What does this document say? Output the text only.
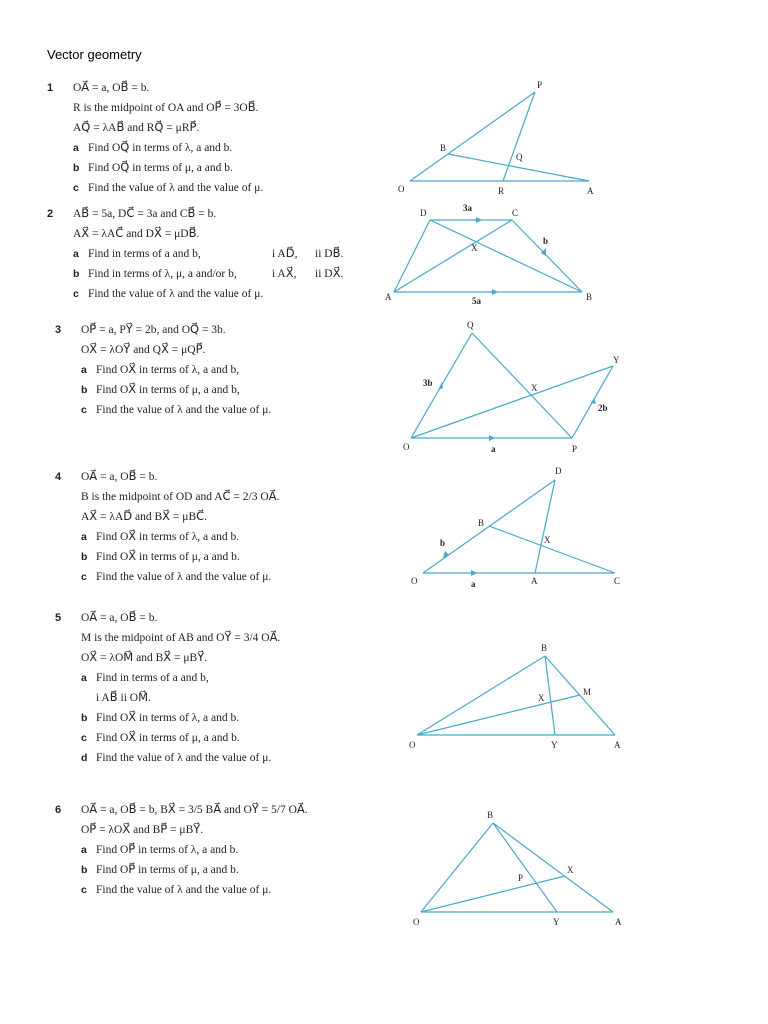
Vector geometry
1 OA⃗ = a, OB⃗ = b.
R is the midpoint of OA and OP⃗ = 3OB⃗.
AQ⃗ = λAB⃗ and RQ⃗ = μRP⃗.
a Find OQ⃗ in terms of λ, a and b.
b Find OQ⃗ in terms of μ, a and b.
c Find the value of λ and the value of μ.
P
B
Q
O	R	A
2 AB⃗ = 5a, DC⃗ = 3a and CB⃗ = b.
AX⃗ = λAC⃗ and DX⃗ = μDB⃗.
a Find in terms of a and b,	i AD⃗, ii DB⃗.
b Find in terms of λ, μ, a and/or b,	i AX⃗, ii DX⃗.
c Find the value of λ and the value of μ.
D	C
X
A	B
3a
b
5a
3 OP⃗ = a, PY⃗ = 2b, and OQ⃗ = 3b.
OX⃗ = λOY⃗ and QX⃗ = μQP⃗.
a Find OX⃗ in terms of λ, a and b,
b Find OX⃗ in terms of μ, a and b,
c Find the value of λ and the value of μ.
Q
Y
X
O	P
3b
2b
a
4 OA⃗ = a, OB⃗ = b.
B is the midpoint of OD and AC⃗ = 2/3 OA⃗.
AX⃗ = λAD⃗ and BX⃗ = μBC⃗.
a Find OX⃗ in terms of λ, a and b.
b Find OX⃗ in terms of μ, a and b.
c Find the value of λ and the value of μ.
D
B
X
O	A	C
b
a
5 OA⃗ = a, OB⃗ = b.
M is the midpoint of AB and OY⃗ = 3/4 OA⃗.
OX⃗ = λOM⃗ and BX⃗ = μBY⃗.
a Find in terms of a and b,
i AB⃗ ii OM⃗.
b Find OX⃗ in terms of λ, a and b.
c Find OX⃗ in terms of μ, a and b.
d Find the value of λ and the value of μ.
B
M
X
O	Y	A
6 OA⃗ = a, OB⃗ = b, BX⃗ = 3/5 BA⃗ and OY⃗ = 5/7 OA⃗.
OP⃗ = λOX⃗ and BP⃗ = μBY⃗.
a Find OP⃗ in terms of λ, a and b.
b Find OP⃗ in terms of μ, a and b.
c Find the value of λ and the value of μ.
B
X
P
O	Y	A
